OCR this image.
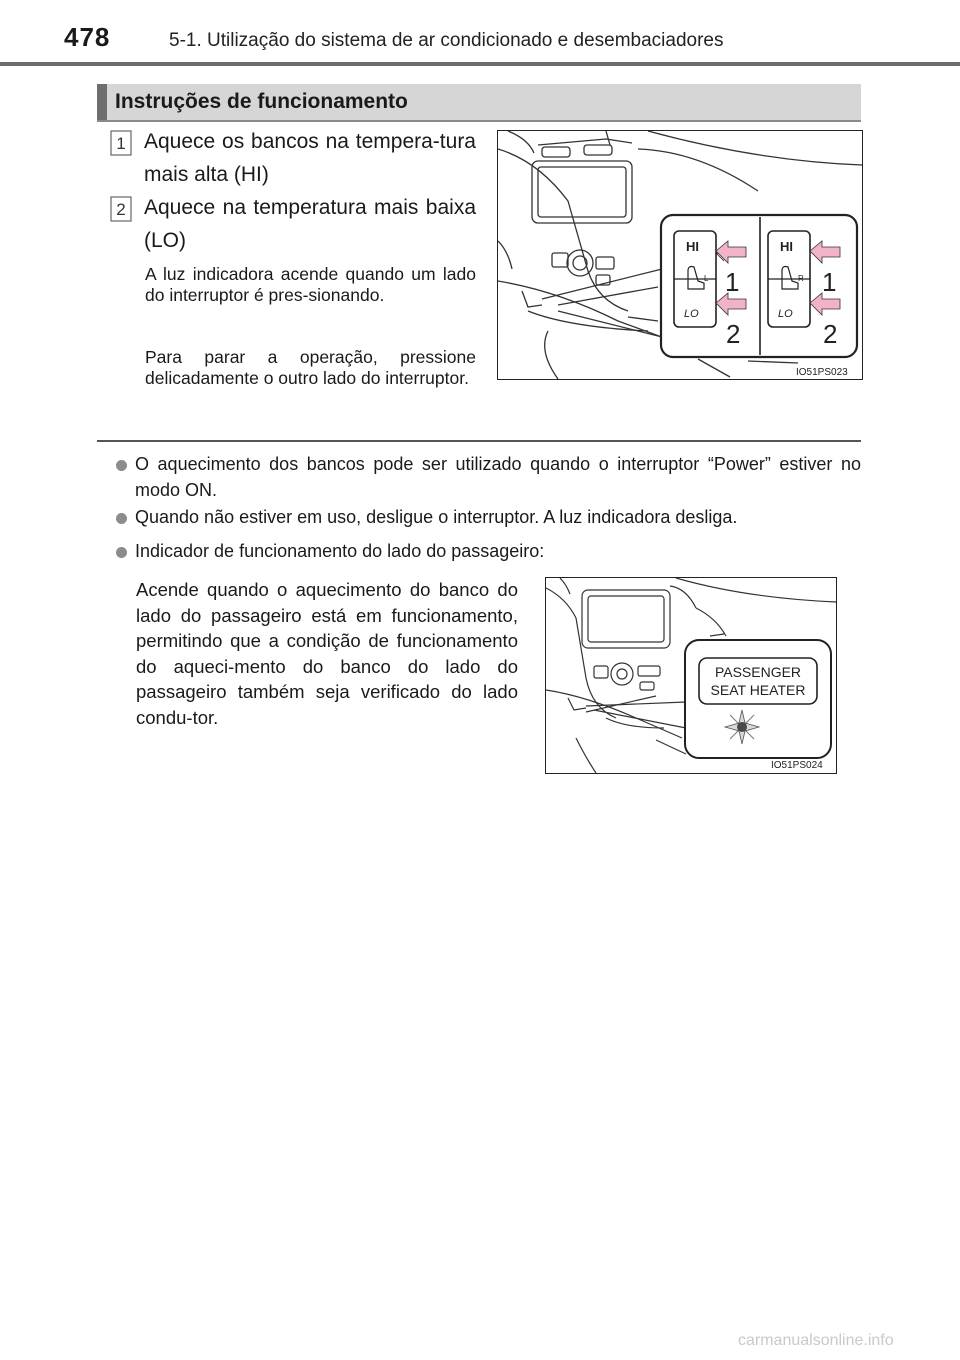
478	5-1. Utilização do sistema de ar condicionado e desembaciadores
Instruções de funcionamento
1 Aquece os bancos na tempera-tura mais alta (HI)
2 Aquece na temperatura mais baixa (LO)
A luz indicadora acende quando um lado do interruptor é pres-sionando.
Para parar a operação, pressione delicadamente o outro lado do interruptor.
HI
LO
L 1
2
HI
LO
R 1
2
IO51PS023
O aquecimento dos bancos pode ser utilizado quando o interruptor “Power” estiver no modo ON.
Quando não estiver em uso, desligue o interruptor. A luz indicadora desliga.
Indicador de funcionamento do lado do passageiro:
Acende quando o aquecimento do banco do lado do passageiro está em funcionamento, permitindo que a condição de funcionamento do aqueci-mento do banco do lado do passageiro também seja verificado do lado condu-tor.
PASSENGER
SEAT HEATER
IO51PS024
carmanualsonline.info
